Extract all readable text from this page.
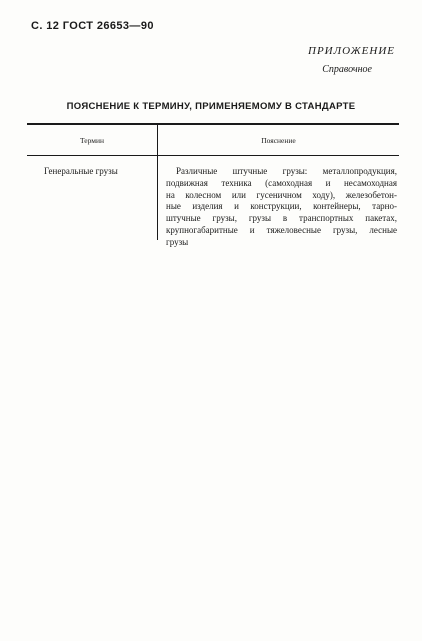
С. 12 ГОСТ 26653—90
ПРИЛОЖЕНИЕ
Справочное
ПОЯСНЕНИЕ К ТЕРМИНУ, ПРИМЕНЯЕМОМУ В СТАНДАРТЕ
Термин	Пояснение
Генеральные грузы	Различные штучные грузы: металлопродукция,
подвижная техника (самоходная и несамоходная
на колесном или гусеничном ходу), железобетон-
ные изделия и конструкции, контейнеры, тарно-
штучные грузы, грузы в транспортных пакетах,
крупногабаритные и тяжеловесные грузы, лесные
грузы
